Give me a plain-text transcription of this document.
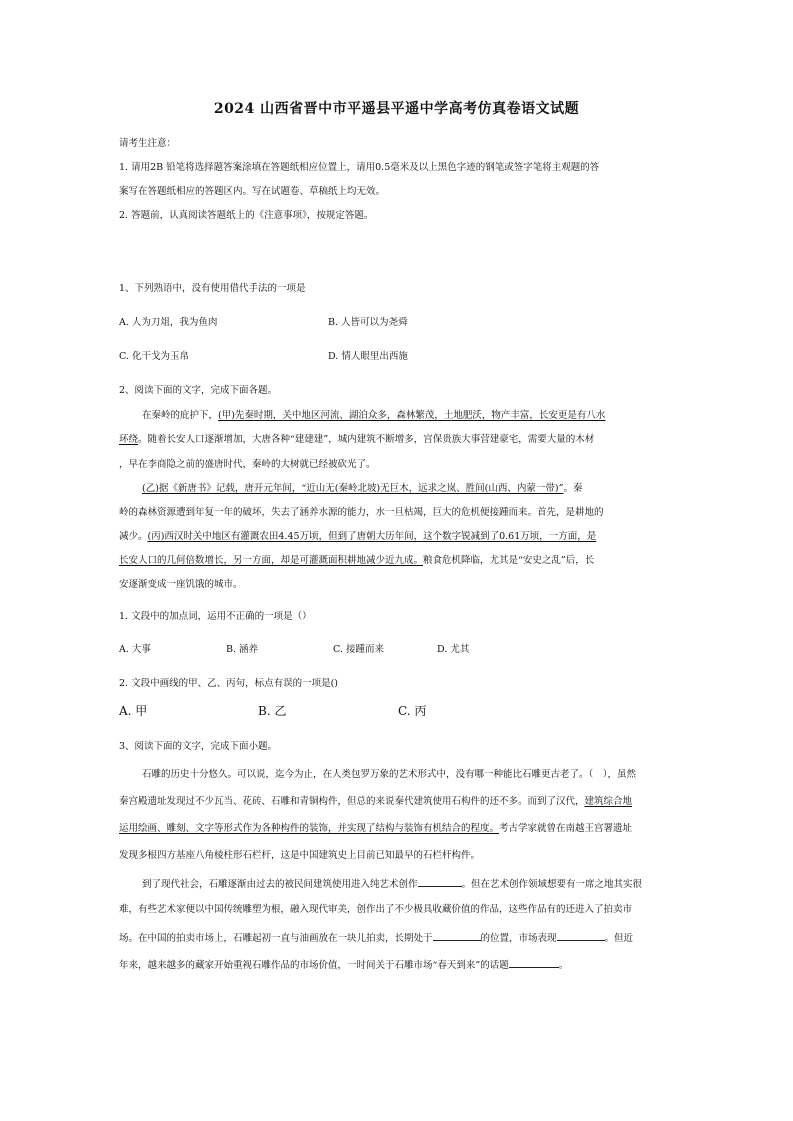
2024 山西省晋中市平遥县平遥中学高考仿真卷语文试题
请考生注意：
1. 请用2B 铅笔将选择题答案涂填在答题纸相应位置上，请用0.5毫米及以上黑色字迹的钢笔或签字笔将主观题的答
案写在答题纸相应的答题区内。写在试题卷、草稿纸上均无效。
2. 答题前，认真阅读答题纸上的《注意事项》，按规定答题。
1、下列熟语中，没有使用借代手法的一项是
A. 人为刀俎，我为鱼肉	B. 人皆可以为尧舜
C. 化干戈为玉帛	D. 情人眼里出西施
2、阅读下面的文字，完成下面各题。
在秦岭的庇护下，(甲)先秦时期，关中地区河流、湖泊众多，森林繁茂，土地肥沃，物产丰富，长安更是有八水
环绕。随着长安人口逐渐增加，大唐各种“建建建”，城内建筑不断增多，宫保贵族大事营建豪宅，需要大量的木材
，早在李商隐之前的盛唐时代，秦岭的大树就已经被砍光了。
(乙)据《新唐书》记载，唐开元年间，“近山无(秦岭北坡)无巨木，远求之岚、胜间(山西、内蒙一带)”。秦
岭的森林资源遭到年复一年的破坏，失去了涵养水源的能力，水一旦枯竭，巨大的危机便接踵而来。首先，是耕地的
减少。(丙)西汉时关中地区有灌溉农田4.45万顷，但到了唐朝大历年间，这个数字锐减到了0.61万顷，一方面，是
长安人口的几何倍数增长，另一方面，却是可灌溉面积耕地减少近九成。粮食危机降临，尤其是“安史之乱”后，长
安逐渐变成一座饥饿的城市。
1. 文段中的加点词，运用不正确的一项是（）
A. 大事	B. 涵养	C. 接踵而来	D. 尤其
2. 文段中画线的甲、乙、丙句，标点有误的一项是()
A. 甲	B. 乙	C. 丙
3、阅读下面的文字，完成下面小题。
石雕的历史十分悠久。可以说，迄今为止，在人类包罗万象的艺术形式中，没有哪一种能比石雕更古老了。（　），虽然
秦宫殿遗址发现过不少瓦当、花砖、石雕和青铜构件，但总的来说秦代建筑使用石构件的还不多。而到了汉代，建筑综合地
运用绘画、雕刻、文字等形式作为各种构件的装饰，并实现了结构与装饰有机结合的程度。考古学家就曾在南越王宫署遗址
发现多根四方基座八角棱柱形石栏杆，这是中国建筑史上目前已知最早的石栏杆构件。
到了现代社会，石雕逐渐由过去的被民间建筑使用进入纯艺术创作	。但在艺术创作领域想要有一席之地其实很
难，有些艺术家便以中国传统雕塑为根，融入现代审美，创作出了不少极具收藏价值的作品，这些作品有的还进入了拍卖市
场。在中国的拍卖市场上，石雕起初一直与油画放在一块儿拍卖，长期处于	的位置，市场表现	。但近
年来，越来越多的藏家开始重视石雕作品的市场价值，一时间关于石雕市场“春天到来”的话题	。
